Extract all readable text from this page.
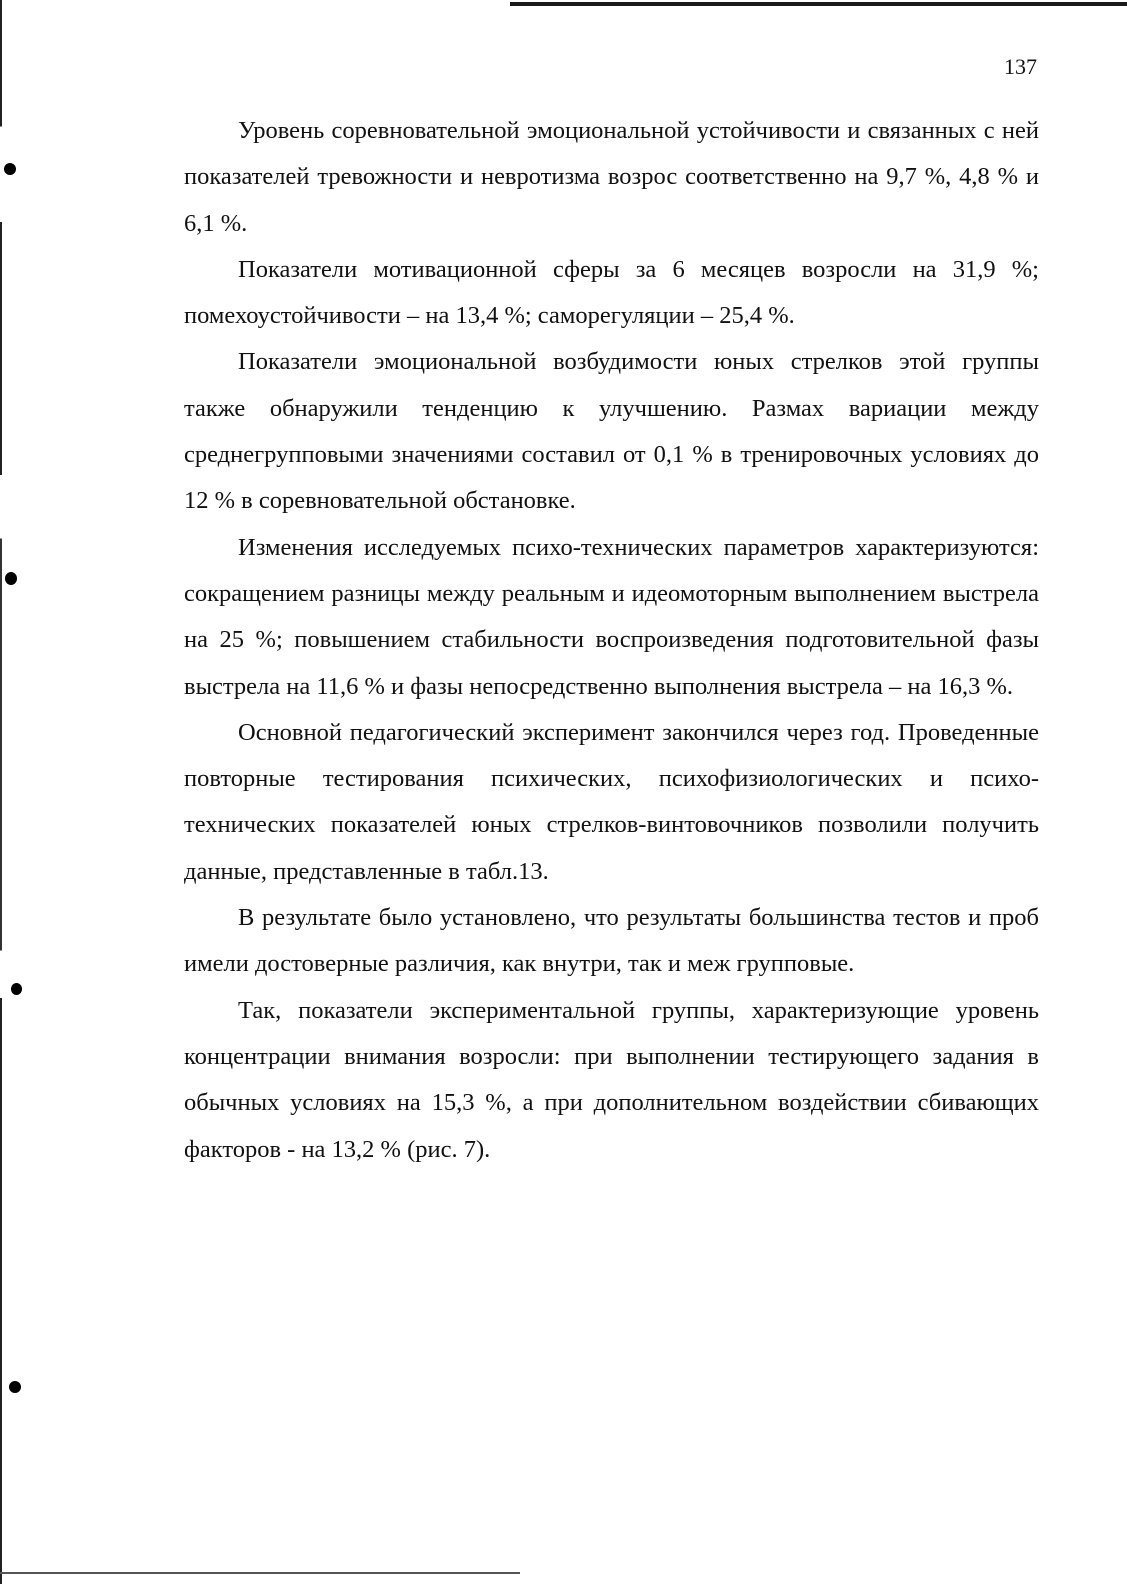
137

Уровень соревновательной эмоциональной устойчивости и связанных с ней показателей тревожности и невротизма возрос соответственно на 9,7 %, 4,8 % и 6,1 %.

Показатели мотивационной сферы за 6 месяцев возросли на 31,9 %; помехоустойчивости – на 13,4 %; саморегуляции – 25,4 %.

Показатели эмоциональной возбудимости юных стрелков этой группы также обнаружили тенденцию к улучшению. Размах вариации между среднегрупповыми значениями составил от 0,1 % в тренировочных условиях до 12 % в соревновательной обстановке.

Изменения исследуемых психо-технических параметров характеризуются: сокращением разницы между реальным и идеомоторным выполнением выстрела на 25 %; повышением стабильности воспроизведения подготовительной фазы выстрела на 11,6 % и фазы непосредственно выполнения выстрела – на 16,3 %.

Основной педагогический эксперимент закончился через год. Проведенные повторные тестирования психических, психофизиологических и психо-технических показателей юных стрелков-винтовочников позволили получить данные, представленные в табл.13.

В результате было установлено, что результаты большинства тестов и проб имели достоверные различия, как внутри, так и меж групповые.

Так, показатели экспериментальной группы, характеризующие уровень концентрации внимания возросли: при выполнении тестирующего задания в обычных условиях на 15,3 %, а при дополнительном воздействии сбивающих факторов - на 13,2 % (рис. 7).
